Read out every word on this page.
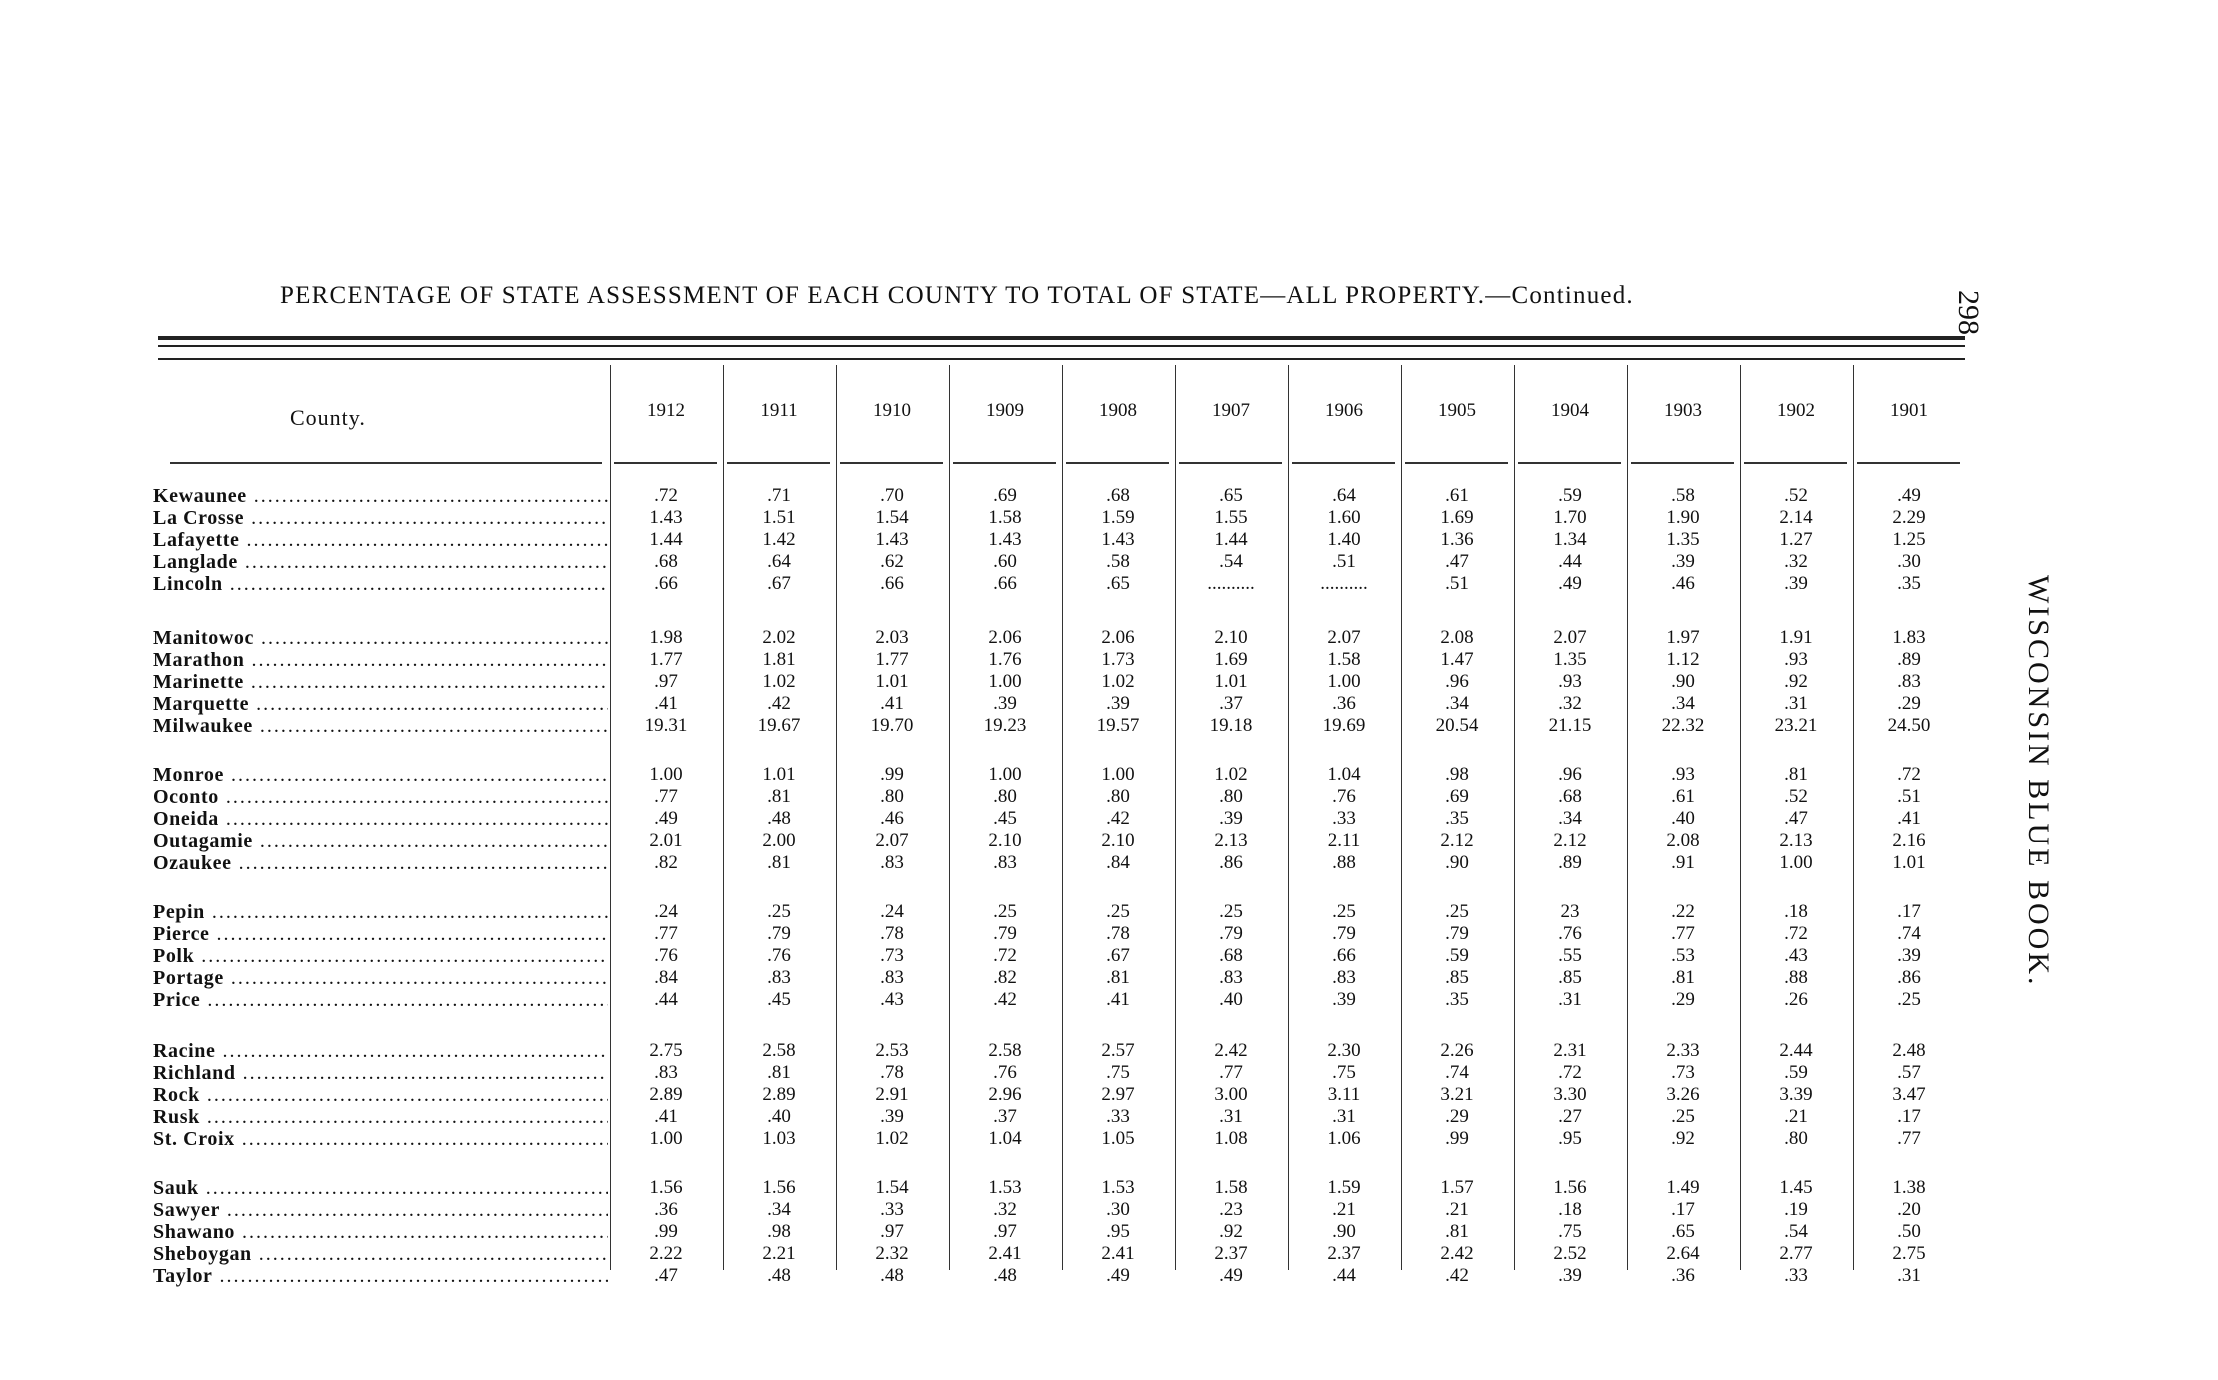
PERCENTAGE OF STATE ASSESSMENT OF EACH COUNTY TO TOTAL OF STATE—ALL PROPERTY.—Continued.	298
WISCONSIN BLUE BOOK.
County.	1912	1911	1910	1909	1908	1907	1906	1905	1904	1903	1902	1901
Kewaunee .....	.72	.71	.70	.69	.68	.65	.64	.61	.59	.58	.52	.49
La Crosse .....	1.43	1.51	1.54	1.58	1.59	1.55	1.60	1.69	1.70	1.90	2.14	2.29
Lafayette .....	1.44	1.42	1.43	1.43	1.43	1.44	1.40	1.36	1.34	1.35	1.27	1.25
Langlade .....	.68	.64	.62	.60	.58	.54	.51	.47	.44	.39	.32	.30
Lincoln .....	.66	.67	.66	.66	.65	..........	..........	.51	.49	.46	.39	.35
Manitowoc .....	1.98	2.02	2.03	2.06	2.06	2.10	2.07	2.08	2.07	1.97	1.91	1.83
Marathon .....	1.77	1.81	1.77	1.76	1.73	1.69	1.58	1.47	1.35	1.12	.93	.89
Marinette .....	.97	1.02	1.01	1.00	1.02	1.01	1.00	.96	.93	.90	.92	.83
Marquette .....	.41	.42	.41	.39	.39	.37	.36	.34	.32	.34	.31	.29
Milwaukee .....	19.31	19.67	19.70	19.23	19.57	19.18	19.69	20.54	21.15	22.32	23.21	24.50
Monroe .....	1.00	1.01	.99	1.00	1.00	1.02	1.04	.98	.96	.93	.81	.72
Oconto .....	.77	.81	.80	.80	.80	.80	.76	.69	.68	.61	.52	.51
Oneida .....	.49	.48	.46	.45	.42	.39	.33	.35	.34	.40	.47	.41
Outagamie .....	2.01	2.00	2.07	2.10	2.10	2.13	2.11	2.12	2.12	2.08	2.13	2.16
Ozaukee .....	.82	.81	.83	.83	.84	.86	.88	.90	.89	.91	1.00	1.01
Pepin .....	.24	.25	.24	.25	.25	.25	.25	.25	23	.22	.18	.17
Pierce .....	.77	.79	.78	.79	.78	.79	.79	.79	.76	.77	.72	.74
Polk .....	.76	.76	.73	.72	.67	.68	.66	.59	.55	.53	.43	.39
Portage .....	.84	.83	.83	.82	.81	.83	.83	.85	.85	.81	.88	.86
Price .....	.44	.45	.43	.42	.41	.40	.39	.35	.31	.29	.26	.25
Racine .....	2.75	2.58	2.53	2.58	2.57	2.42	2.30	2.26	2.31	2.33	2.44	2.48
Richland .....	.83	.81	.78	.76	.75	.77	.75	.74	.72	.73	.59	.57
Rock .....	2.89	2.89	2.91	2.96	2.97	3.00	3.11	3.21	3.30	3.26	3.39	3.47
Rusk .....	.41	.40	.39	.37	.33	.31	.31	.29	.27	.25	.21	.17
St. Croix .....	1.00	1.03	1.02	1.04	1.05	1.08	1.06	.99	.95	.92	.80	.77
Sauk .....	1.56	1.56	1.54	1.53	1.53	1.58	1.59	1.57	1.56	1.49	1.45	1.38
Sawyer .....	.36	.34	.33	.32	.30	.23	.21	.21	.18	.17	.19	.20
Shawano .....	.99	.98	.97	.97	.95	.92	.90	.81	.75	.65	.54	.50
Sheboygan .....	2.22	2.21	2.32	2.41	2.41	2.37	2.37	2.42	2.52	2.64	2.77	2.75
Taylor .....	.47	.48	.48	.48	.49	.49	.44	.42	.39	.36	.33	.31
